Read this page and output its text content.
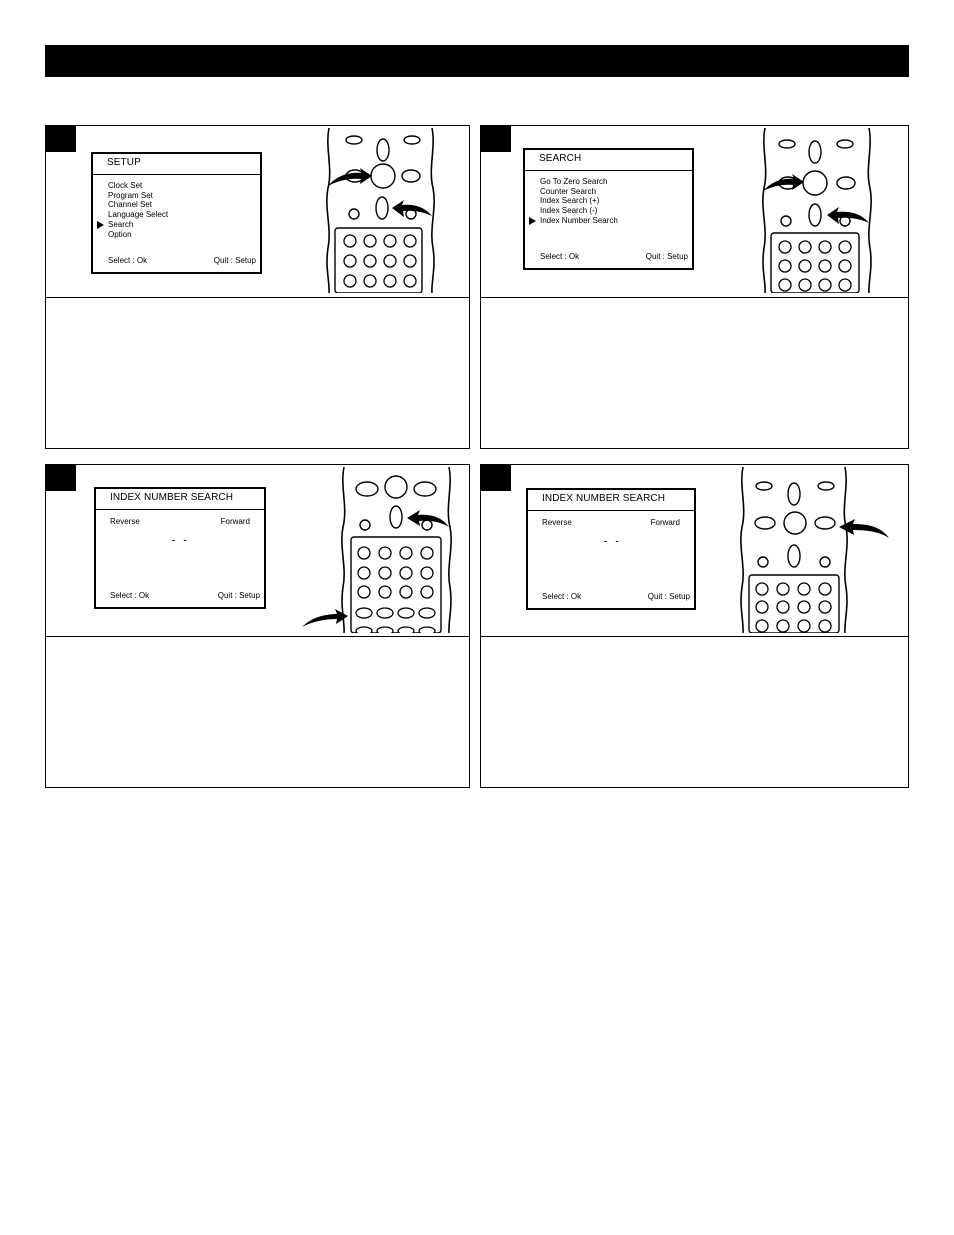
SETUP
Clock Set
Program Set
Channel Set
Language Select
Search
Option
Select : Ok	Quit : Setup
SEARCH
Go To Zero Search
Counter Search
Index Search (+)
Index Search (-)
Index Number Search
Select : Ok	Quit : Setup
INDEX NUMBER SEARCH
Reverse	Forward
- -
Select : Ok	Quit : Setup
INDEX NUMBER SEARCH
Reverse	Forward
- -
Select : Ok	Quit : Setup
